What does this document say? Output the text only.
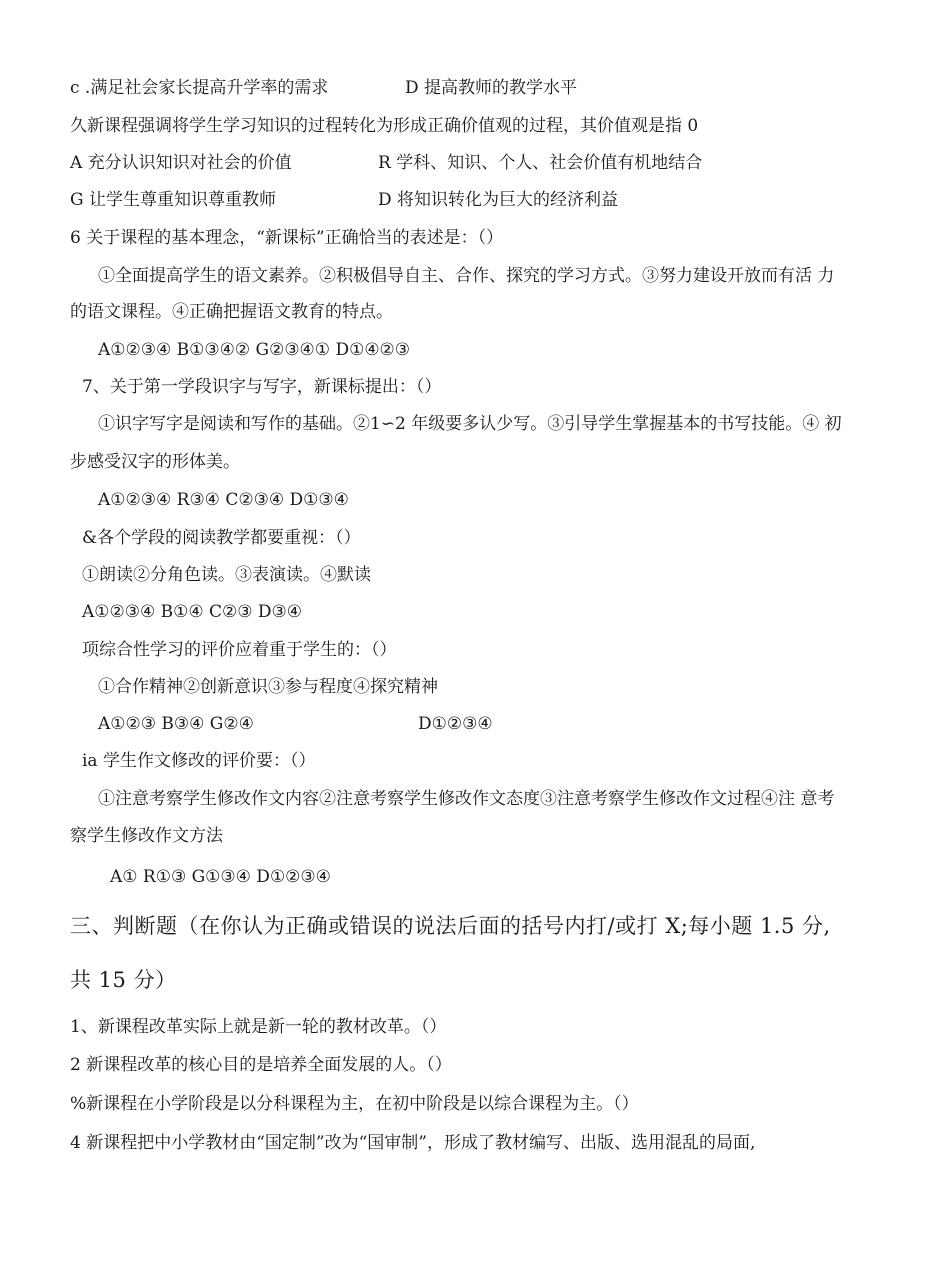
c .满足社会家长提高升学率的需求	D 提高教师的教学水平
久新课程强调将学生学习知识的过程转化为形成正确价值观的过程，其价值观是指 0
A 充分认识知识对社会的价值	R 学科、知识、个人、社会价值有机地结合
G 让学生尊重知识尊重教师	D 将知识转化为巨大的经济利益
6 关于课程的基本理念，“新课标”正确恰当的表述是：（）
①全面提高学生的语文素养。②积极倡导自主、合作、探究的学习方式。③努力建设开放而有活 力
的语文课程。④正确把握语文教育的特点。
A①②③④ B①③④② G②③④① D①④②③
7、关于第一学段识字与写字，新课标提出：（）
①识字写字是阅读和写作的基础。②1∽2 年级要多认少写。③引导学生掌握基本的书写技能。④ 初
步感受汉字的形体美。
A①②③④ R③④ C②③④ D①③④
&各个学段的阅读教学都要重视：（）
①朗读②分角色读。③表演读。④默读
A①②③④ B①④ C②③ D③④
项综合性学习的评价应着重于学生的：（）
①合作精神②创新意识③参与程度④探究精神
A①②③ B③④ G②④	D①②③④
ia 学生作文修改的评价要：（）
①注意考察学生修改作文内容②注意考察学生修改作文态度③注意考察学生修改作文过程④注 意考
察学生修改作文方法
A① R①③ G①③④ D①②③④
三、判断题（在你认为正确或错误的说法后面的括号内打/或打 X;每小题 1.5 分,
共 15 分）
1、新课程改革实际上就是新一轮的教材改革。（）
2 新课程改革的核心目的是培养全面发展的人。（）
%新课程在小学阶段是以分科课程为主，在初中阶段是以综合课程为主。（）
4 新课程把中小学教材由“国定制”改为“国审制”，形成了教材编写、出版、选用混乱的局面,
